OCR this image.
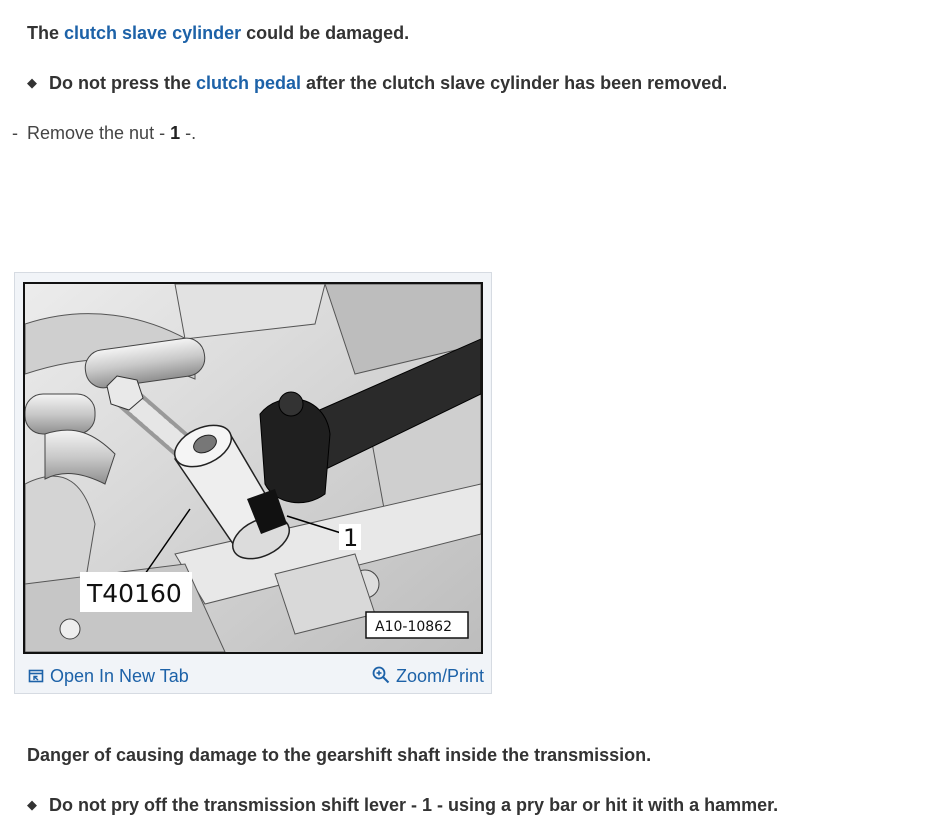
The clutch slave cylinder could be damaged.
◆ Do not press the clutch pedal after the clutch slave cylinder has been removed.
- Remove the nut - 1 -.
T40160
1
A10-10862
Open In New Tab	Zoom/Print
Danger of causing damage to the gearshift shaft inside the transmission.
◆ Do not pry off the transmission shift lever - 1 - using a pry bar or hit it with a hammer.
